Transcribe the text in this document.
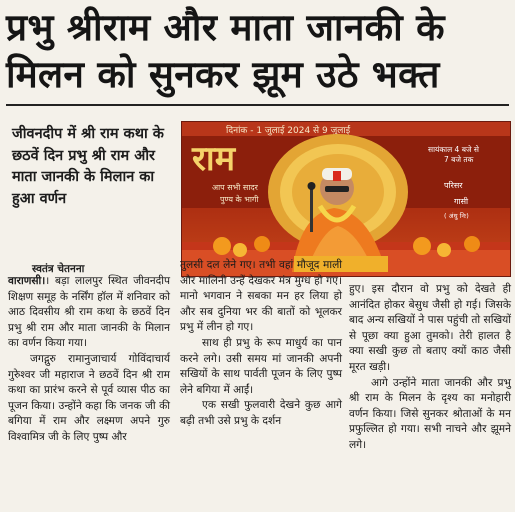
प्रभु श्रीराम और माता जानकी के
मिलन को सुनकर झूम उठे भक्त
जीवनदीप में श्री राम कथा के छठवें दिन प्रभु श्री राम और माता जानकी के मिलान का हुआ वर्णन
दिनांक - 1 जुलाई 2024 से 9 जुलाई
राम
आप सभी सादर
पुण्य के भागी
सायंकाल 4 बजे से
7 बजे तक
परिसर
गासी
( अंधु निः)
स्वतंत्र चेतनना

वाराणसी।। बड़ा लालपुर स्थित जीवनदीप शिक्षण समूह के नर्सिंग हॉल में शनिवार को आठ दिवसीय श्री राम कथा के छठवें दिन प्रभु श्री राम और माता जानकी के मिलान का वर्णन किया गया।

जगद्गुरु रामानुजाचार्य गोविंदाचार्य गुरुेश्वर जी महाराज ने छठवें दिन श्री राम कथा का प्रारंभ करने से पूर्व व्यास पीठ का पूजन किया। उन्होंने कहा कि जनक जी की बगिया में राम और लक्ष्मण अपने गुरु विश्वामित्र जी के लिए पुष्प और

तुलसी दल लेने गए। तभी वहां मौजूद माली और मालिनी उन्हें देखकर मंत्र मुग्ध हो गए। मानो भगवान ने सबका मन हर लिया हो और सब दुनिया भर की बातों को भूलकर प्रभु में लीन हो गए।

साथ ही प्रभु के रूप माधुर्य का पान करने लगे। उसी समय मां जानकी अपनी सखियों के साथ पार्वती पूजन के लिए पुष्प लेने बगिया में आईं।

एक सखी फुलवारी देखने कुछ आगे बढ़ी तभी उसे प्रभु के दर्शन

हुए। इस दौरान वो प्रभु को देखते ही आनंदित होकर बेसुध जैसी हो गई। जिसके बाद अन्य सखियों ने पास पहुंची तो सखियों से पूछा क्या हुआ तुमको। तेरी हालत है क्या सखी कुछ तो बताए क्यों काठ जैसी मूरत खड़ी।

आगे उन्होंने माता जानकी और प्रभु श्री राम के मिलन के दृश्य का मनोहारी वर्णन किया। जिसे सुनकर श्रोताओं के मन प्रफुल्लित हो गया। सभी नाचने और झूमने लगे।
